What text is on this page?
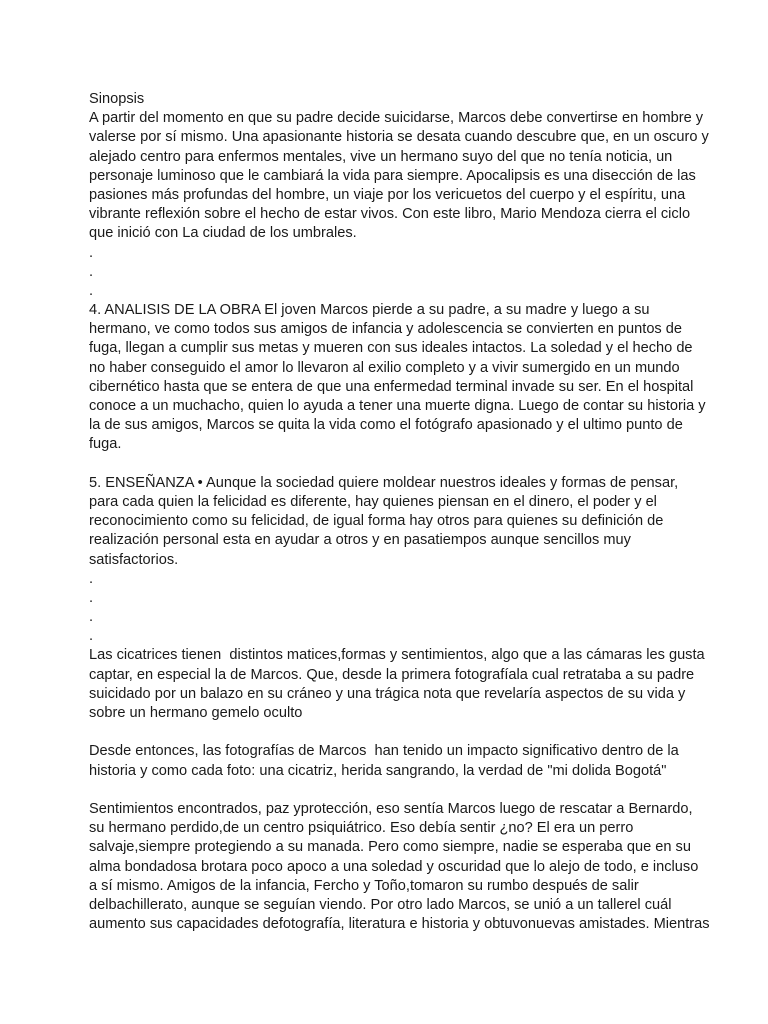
Sinopsis
A partir del momento en que su padre decide suicidarse, Marcos debe convertirse en hombre y
valerse por sí mismo. Una apasionante historia se desata cuando descubre que, en un oscuro y
alejado centro para enfermos mentales, vive un hermano suyo del que no tenía noticia, un
personaje luminoso que le cambiará la vida para siempre. Apocalipsis es una disección de las
pasiones más profundas del hombre, un viaje por los vericuetos del cuerpo y el espíritu, una
vibrante reflexión sobre el hecho de estar vivos. Con este libro, Mario Mendoza cierra el ciclo
que inició con La ciudad de los umbrales.
.
.
.
4. ANALISIS DE LA OBRA El joven Marcos pierde a su padre, a su madre y luego a su
hermano, ve como todos sus amigos de infancia y adolescencia se convierten en puntos de
fuga, llegan a cumplir sus metas y mueren con sus ideales intactos. La soledad y el hecho de
no haber conseguido el amor lo llevaron al exilio completo y a vivir sumergido en un mundo
cibernético hasta que se entera de que una enfermedad terminal invade su ser. En el hospital
conoce a un muchacho, quien lo ayuda a tener una muerte digna. Luego de contar su historia y
la de sus amigos, Marcos se quita la vida como el fotógrafo apasionado y el ultimo punto de
fuga.
5. ENSEÑANZA • Aunque la sociedad quiere moldear nuestros ideales y formas de pensar,
para cada quien la felicidad es diferente, hay quienes piensan en el dinero, el poder y el
reconocimiento como su felicidad, de igual forma hay otros para quienes su definición de
realización personal esta en ayudar a otros y en pasatiempos aunque sencillos muy
satisfactorios.
.
.
.
.
Las cicatrices tienen  distintos matices,formas y sentimientos, algo que a las cámaras les gusta
captar, en especial la de Marcos. Que, desde la primera fotografíala cual retrataba a su padre
suicidado por un balazo en su cráneo y una trágica nota que revelaría aspectos de su vida y
sobre un hermano gemelo oculto
Desde entonces, las fotografías de Marcos  han tenido un impacto significativo dentro de la
historia y como cada foto: una cicatriz, herida sangrando, la verdad de "mi dolida Bogotá"
Sentimientos encontrados, paz yprotección, eso sentía Marcos luego de rescatar a Bernardo,
su hermano perdido,de un centro psiquiátrico. Eso debía sentir ¿no? El era un perro
salvaje,siempre protegiendo a su manada. Pero como siempre, nadie se esperaba que en su
alma bondadosa brotara poco apoco a una soledad y oscuridad que lo alejo de todo, e incluso
a sí mismo. Amigos de la infancia, Fercho y Toño,tomaron su rumbo después de salir
delbachillerato, aunque se seguían viendo. Por otro lado Marcos, se unió a un tallerel cuál
aumento sus capacidades defotografía, literatura e historia y obtuvonuevas amistades. Mientras
